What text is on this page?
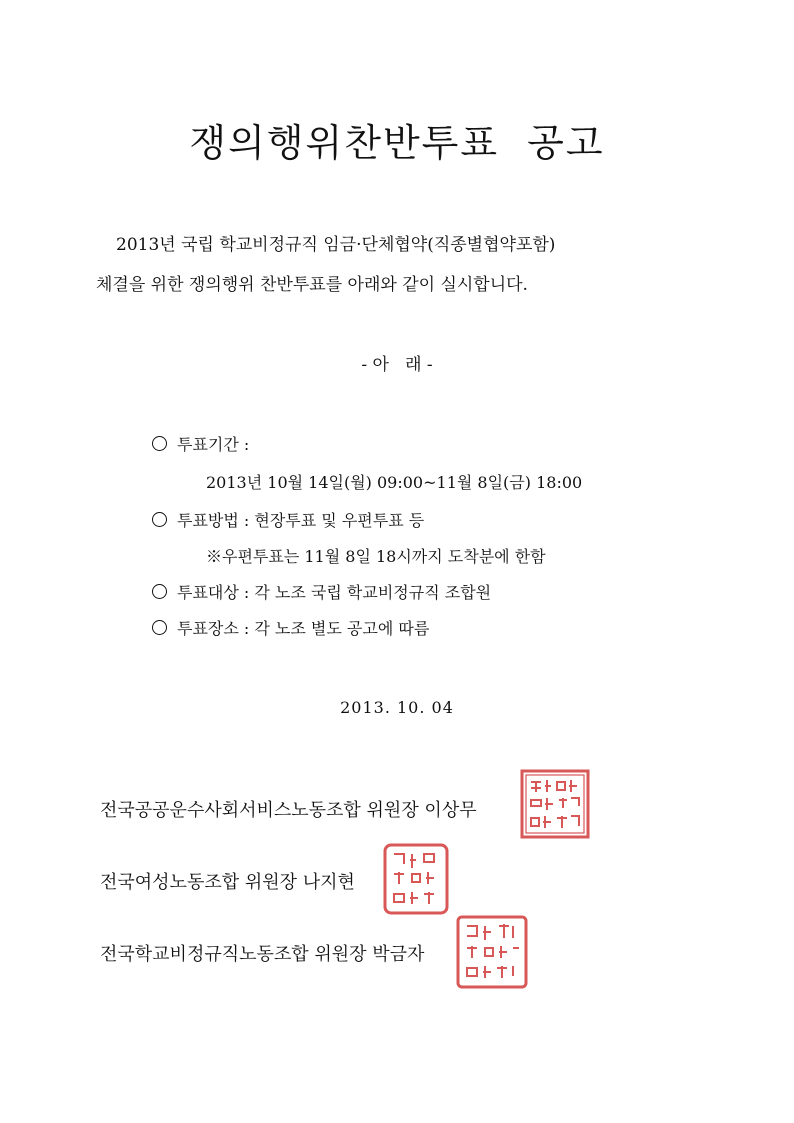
쟁의행위찬반투표 공고
2013년 국립 학교비정규직 임금·단체협약(직종별협약포함)
체결을 위한 쟁의행위 찬반투표를 아래와 같이 실시합니다.
- 아   래 -
투표기간 :
2013년 10월 14일(월) 09:00~11월 8일(금) 18:00
투표방법 : 현장투표 및 우편투표 등
※우편투표는 11월 8일 18시까지 도착분에 한함
투표대상 : 각 노조 국립 학교비정규직 조합원
투표장소 : 각 노조 별도 공고에 따름
2013. 10. 04
전국공공운수사회서비스노동조합 위원장 이상무
전국여성노동조합 위원장 나지현
전국학교비정규직노동조합 위원장 박금자
